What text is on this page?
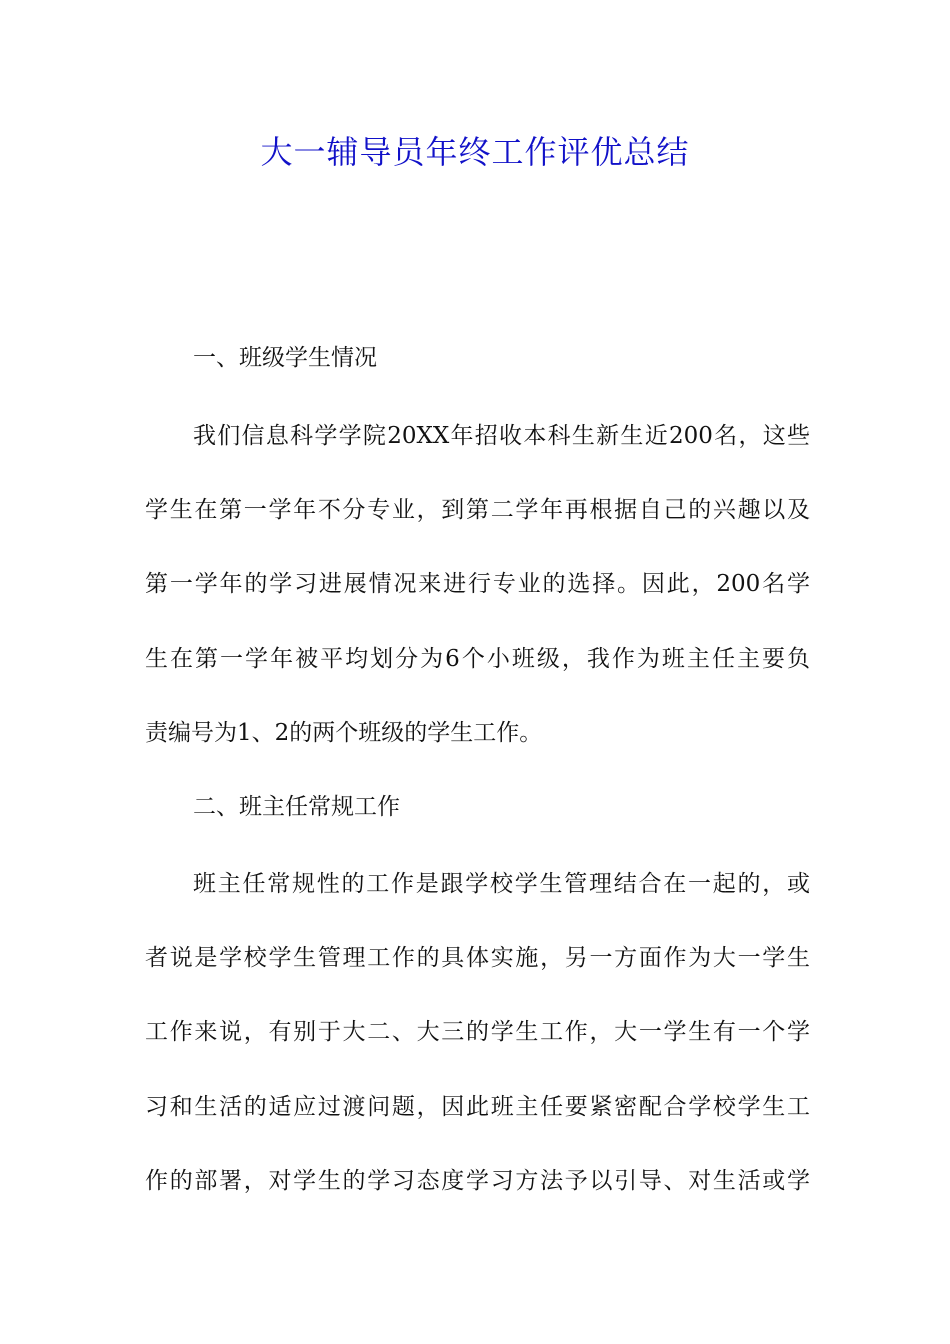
大一辅导员年终工作评优总结

一、班级学生情况

我们信息科学学院20XX年招收本科生新生近200名，这些

学生在第一学年不分专业，到第二学年再根据自己的兴趣以及

第一学年的学习进展情况来进行专业的选择。因此，200名学

生在第一学年被平均划分为6个小班级，我作为班主任主要负

责编号为1、2的两个班级的学生工作。

二、班主任常规工作

班主任常规性的工作是跟学校学生管理结合在一起的，或

者说是学校学生管理工作的具体实施，另一方面作为大一学生

工作来说，有别于大二、大三的学生工作，大一学生有一个学

习和生活的适应过渡问题，因此班主任要紧密配合学校学生工

作的部署，对学生的学习态度学习方法予以引导、对生活或学
